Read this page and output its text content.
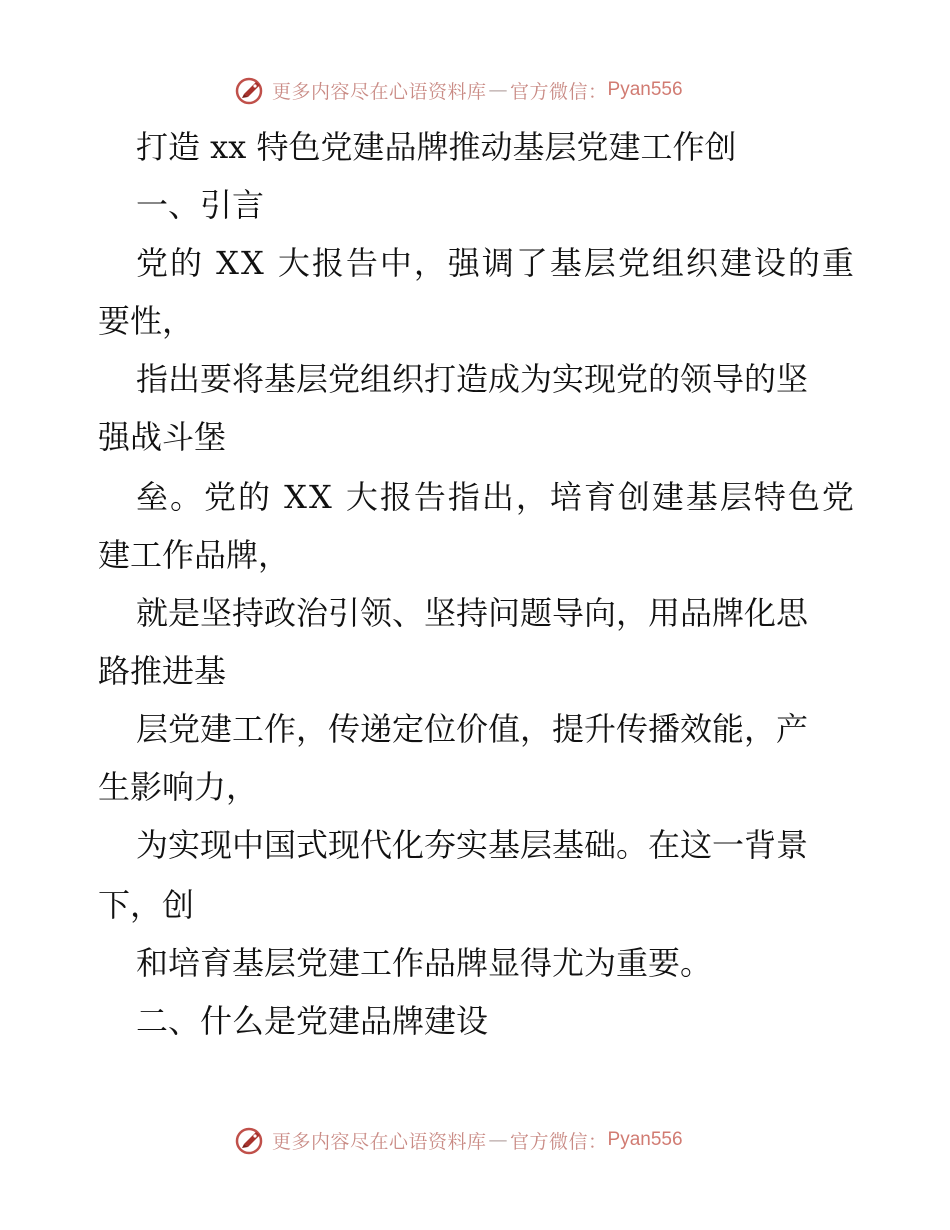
更多内容尽在心语资料库 — 官方微信： Pyan556
打造 xx 特色党建品牌推动基层党建工作创
一、引言
党的 XX 大报告中，强调了基层党组织建设的重
要性，
指出要将基层党组织打造成为实现党的领导的坚
强战斗堡
垒。党的 XX 大报告指出，培育创建基层特色党
建工作品牌，
就是坚持政治引领、坚持问题导向，用品牌化思
路推进基
层党建工作，传递定位价值，提升传播效能，产
生影响力，
为实现中国式现代化夯实基层基础。在这一背景
下，创
和培育基层党建工作品牌显得尤为重要。
二、什么是党建品牌建设
更多内容尽在心语资料库 — 官方微信： Pyan556
